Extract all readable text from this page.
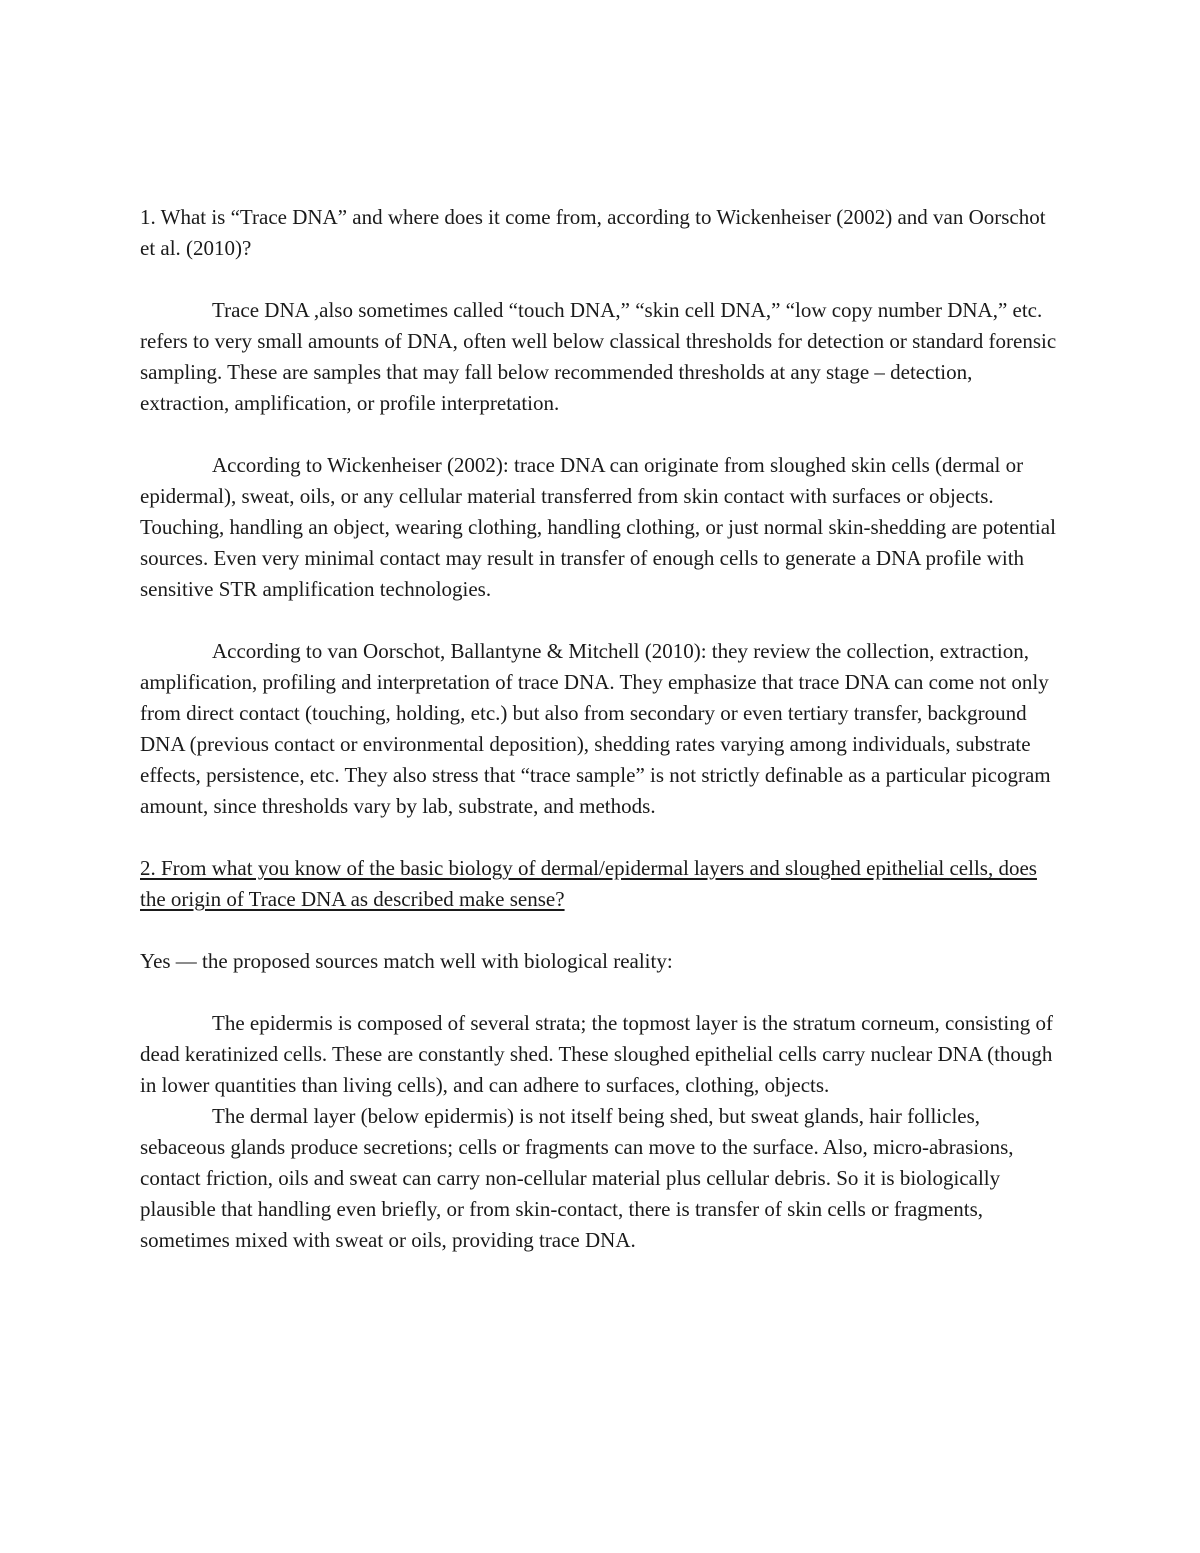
1. What is “Trace DNA” and where does it come from, according to Wickenheiser (2002) and van Oorschot et al. (2010)?

Trace DNA ,also sometimes called “touch DNA,” “skin cell DNA,” “low copy number DNA,” etc. refers to very small amounts of DNA, often well below classical thresholds for detection or standard forensic sampling. These are samples that may fall below recommended thresholds at any stage – detection, extraction, amplification, or profile interpretation.

According to Wickenheiser (2002): trace DNA can originate from sloughed skin cells (dermal or epidermal), sweat, oils, or any cellular material transferred from skin contact with surfaces or objects. Touching, handling an object, wearing clothing, handling clothing, or just normal skin-shedding are potential sources. Even very minimal contact may result in transfer of enough cells to generate a DNA profile with sensitive STR amplification technologies.

According to van Oorschot, Ballantyne & Mitchell (2010): they review the collection, extraction, amplification, profiling and interpretation of trace DNA. They emphasize that trace DNA can come not only from direct contact (touching, holding, etc.) but also from secondary or even tertiary transfer, background DNA (previous contact or environmental deposition), shedding rates varying among individuals, substrate effects, persistence, etc. They also stress that “trace sample” is not strictly definable as a particular picogram amount, since thresholds vary by lab, substrate, and methods.

2. From what you know of the basic biology of dermal/epidermal layers and sloughed epithelial cells, does the origin of Trace DNA as described make sense?

Yes — the proposed sources match well with biological reality:

The epidermis is composed of several strata; the topmost layer is the stratum corneum, consisting of dead keratinized cells. These are constantly shed. These sloughed epithelial cells carry nuclear DNA (though in lower quantities than living cells), and can adhere to surfaces, clothing, objects.

The dermal layer (below epidermis) is not itself being shed, but sweat glands, hair follicles, sebaceous glands produce secretions; cells or fragments can move to the surface. Also, micro-abrasions, contact friction, oils and sweat can carry non-cellular material plus cellular debris. So it is biologically plausible that handling even briefly, or from skin-contact, there is transfer of skin cells or fragments, sometimes mixed with sweat or oils, providing trace DNA.
